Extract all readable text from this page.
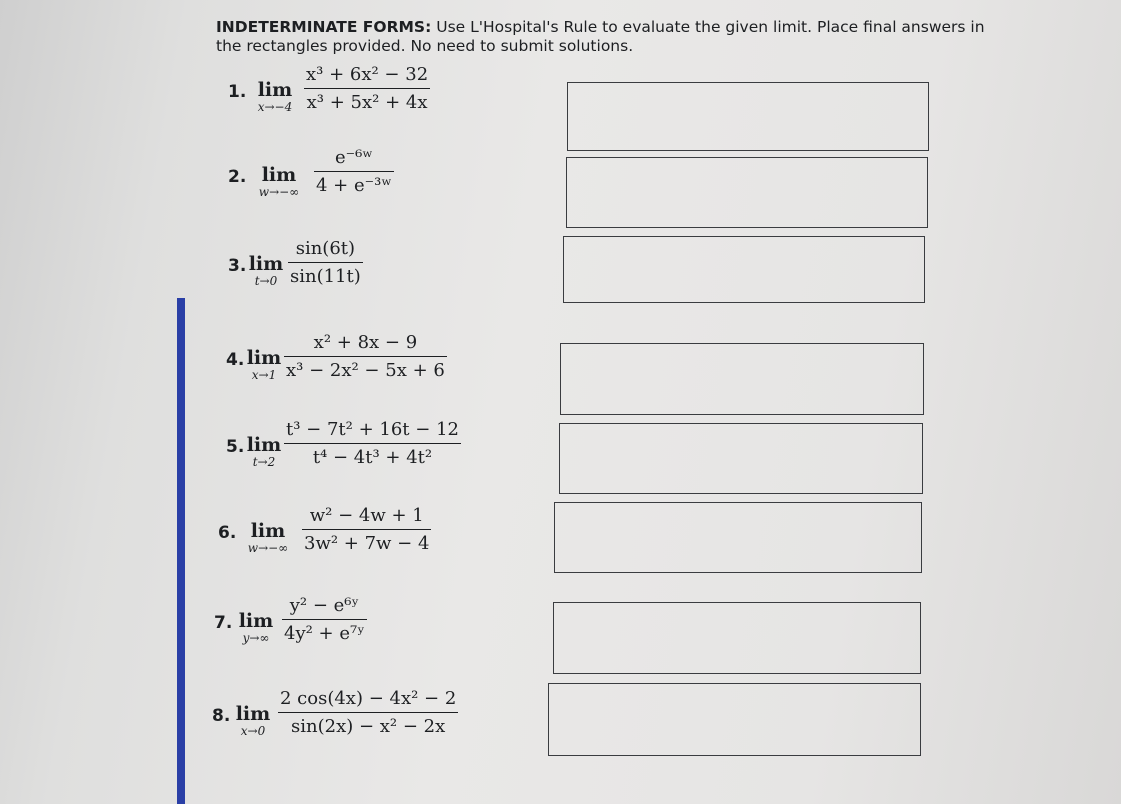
INDETERMINATE FORMS: Use L'Hospital's Rule to evaluate the given limit. Place final answers in the rectangles provided. No need to submit solutions.
1. lim
$x\to-4 \frac{\text{x³ + 6x² − 32}}{\text{x³ + 5x² + 4x}}$
2. lim
$w\to-\infty \frac{\text{e⁻⁶ʷ}}{\text{4 + e⁻³ʷ}}$
3. lim
$t\to 0 \frac{\sin(6t)}{\sin(11t)}$
4. lim
$x\to 1 \frac{\text{x² + 8x − 9}}{\text{x³ − 2x² − 5x + 6}}$
5. lim
$t\to 2 \frac{\text{t³ − 7t² + 16t − 12}}{\text{t⁴ − 4t³ + 4t²}}$
6. lim
$w\to-\infty \frac{\text{w² − 4w + 1}}{\text{3w² + 7w − 4}}$
7. lim
$y\to\infty \frac{\text{y² − e⁶ʸ}}{\text{4y² + e⁷ʸ}}$
8. lim
$x\to 0 \frac{\text{2 cos(4x) − 4x² − 2}}{\text{sin(2x) − x² − 2x}}$
